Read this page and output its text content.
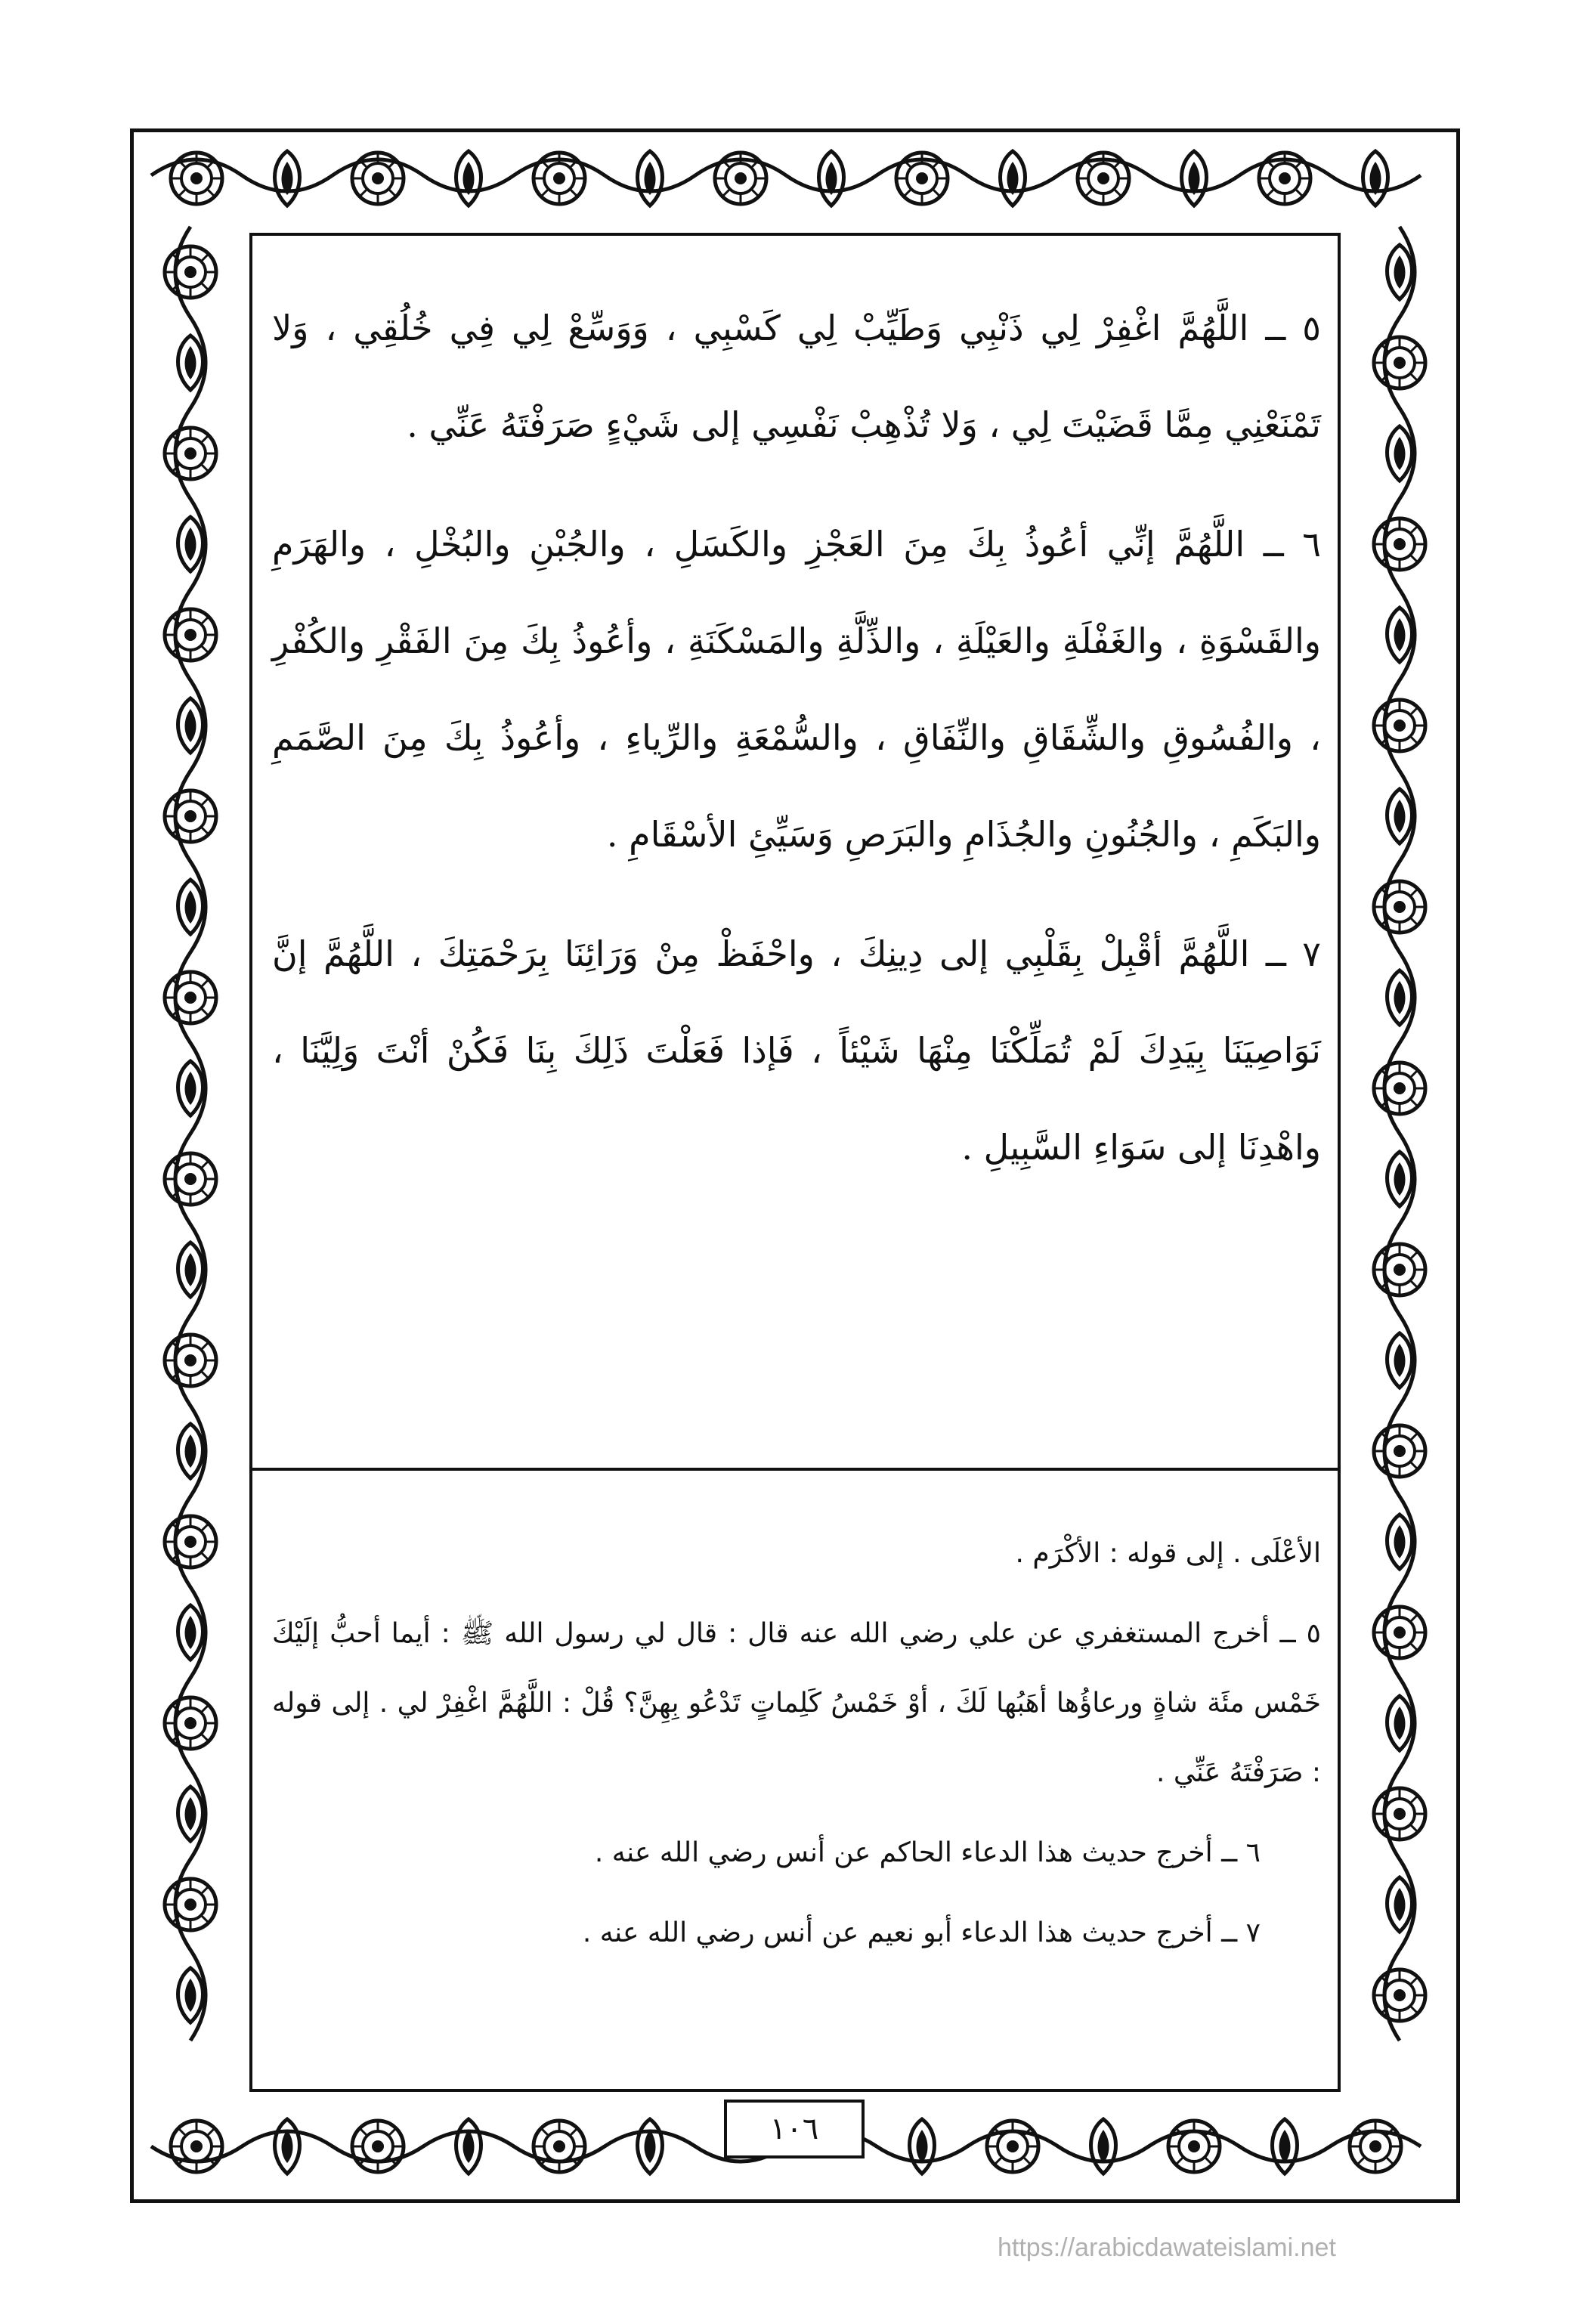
٥ ــ اللَّهُمَّ اغْفِرْ لِي ذَنْبِي وَطَيِّبْ لِي كَسْبِي ، وَوَسِّعْ لِي فِي خُلُقِي ، وَلا تَمْنَعْنِي مِمَّا قَضَيْتَ لِي ، وَلا تُذْهِبْ نَفْسِي إلى شَيْءٍ صَرَفْتَهُ عَنِّي .

٦ ــ اللَّهُمَّ إنِّي أعُوذُ بِكَ مِنَ العَجْزِ والكَسَلِ ، والجُبْنِ والبُخْلِ ، والهَرَمِ والقَسْوَةِ ، والغَفْلَةِ والعَيْلَةِ ، والذِّلَّةِ والمَسْكَنَةِ ، وأعُوذُ بِكَ مِنَ الفَقْرِ والكُفْرِ ، والفُسُوقِ والشِّقَاقِ والنِّفَاقِ ، والسُّمْعَةِ والرِّياءِ ، وأعُوذُ بِكَ مِنَ الصَّمَمِ والبَكَمِ ، والجُنُونِ والجُذَامِ والبَرَصِ وَسَيِّئِ الأسْقَامِ .

٧ ــ اللَّهُمَّ أقْبِلْ بِقَلْبِي إلى دِينِكَ ، واحْفَظْ مِنْ وَرَائِنَا بِرَحْمَتِكَ ، اللَّهُمَّ إنَّ نَوَاصِيَنَا بِيَدِكَ لَمْ تُمَلِّكْنَا مِنْهَا شَيْئاً ، فَإذا فَعَلْتَ ذَلِكَ بِنَا فَكُنْ أنْتَ وَلِيَّنَا ، واهْدِنَا إلى سَوَاءِ السَّبِيلِ .

الأعْلَى . إلى قوله : الأكْرَم .

٥ ــ أخرج المستغفري عن علي رضي الله عنه قال : قال لي رسول الله ﷺ : أيما أحبُّ إلَيْكَ خَمْس مئَة شاةٍ ورعاؤُها أهَبُها لَكَ ، أوْ خَمْسُ كَلِماتٍ تَدْعُو بِهِنَّ؟ قُلْ : اللَّهُمَّ اغْفِرْ لي . إلى قوله : صَرَفْتَهُ عَنِّي .

٦ ــ أخرج حديث هذا الدعاء الحاكم عن أنس رضي الله عنه .

٧ ــ أخرج حديث هذا الدعاء أبو نعيم عن أنس رضي الله عنه .

١٠٦
https://arabicdawateislami.net
